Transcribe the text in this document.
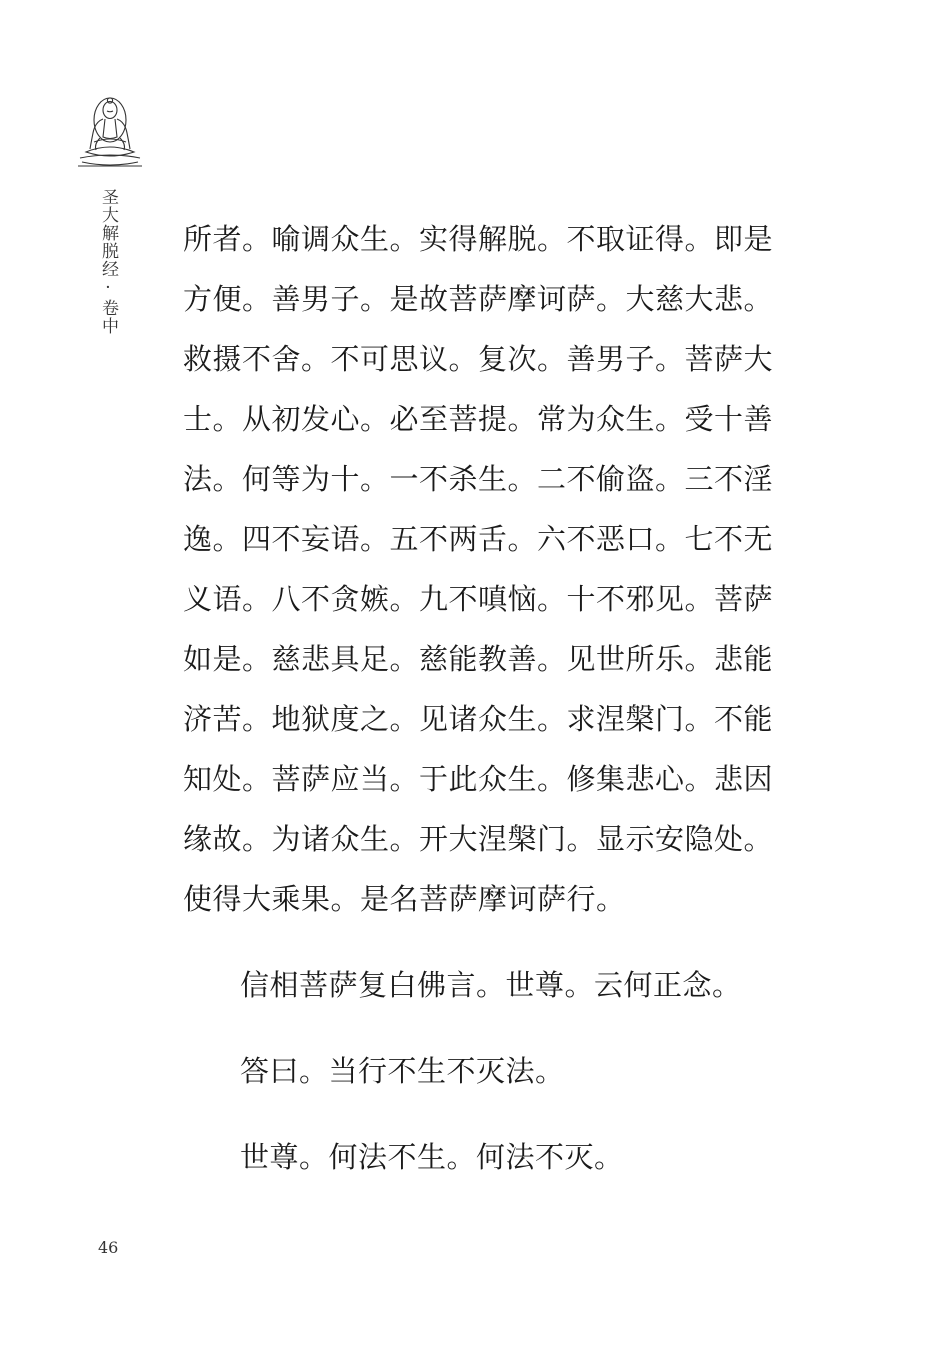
圣大解脱经·卷中 所者。喻调众生。实得解脱。不取证得。即是
方便。善男子。是故菩萨摩诃萨。大慈大悲。
救摄不舍。不可思议。复次。善男子。菩萨大
士。从初发心。必至菩提。常为众生。受十善
法。何等为十。一不杀生。二不偷盗。三不淫
逸。四不妄语。五不两舌。六不恶口。七不无
义语。八不贪嫉。九不嗔恼。十不邪见。菩萨
如是。慈悲具足。慈能教善。见世所乐。悲能
济苦。地狱度之。见诸众生。求涅槃门。不能
知处。菩萨应当。于此众生。修集悲心。悲因
缘故。为诸众生。开大涅槃门。显示安隐处。
使得大乘果。是名菩萨摩诃萨行。
信相菩萨复白佛言。世尊。云何正念。
答曰。当行不生不灭法。
世尊。何法不生。何法不灭。
46
